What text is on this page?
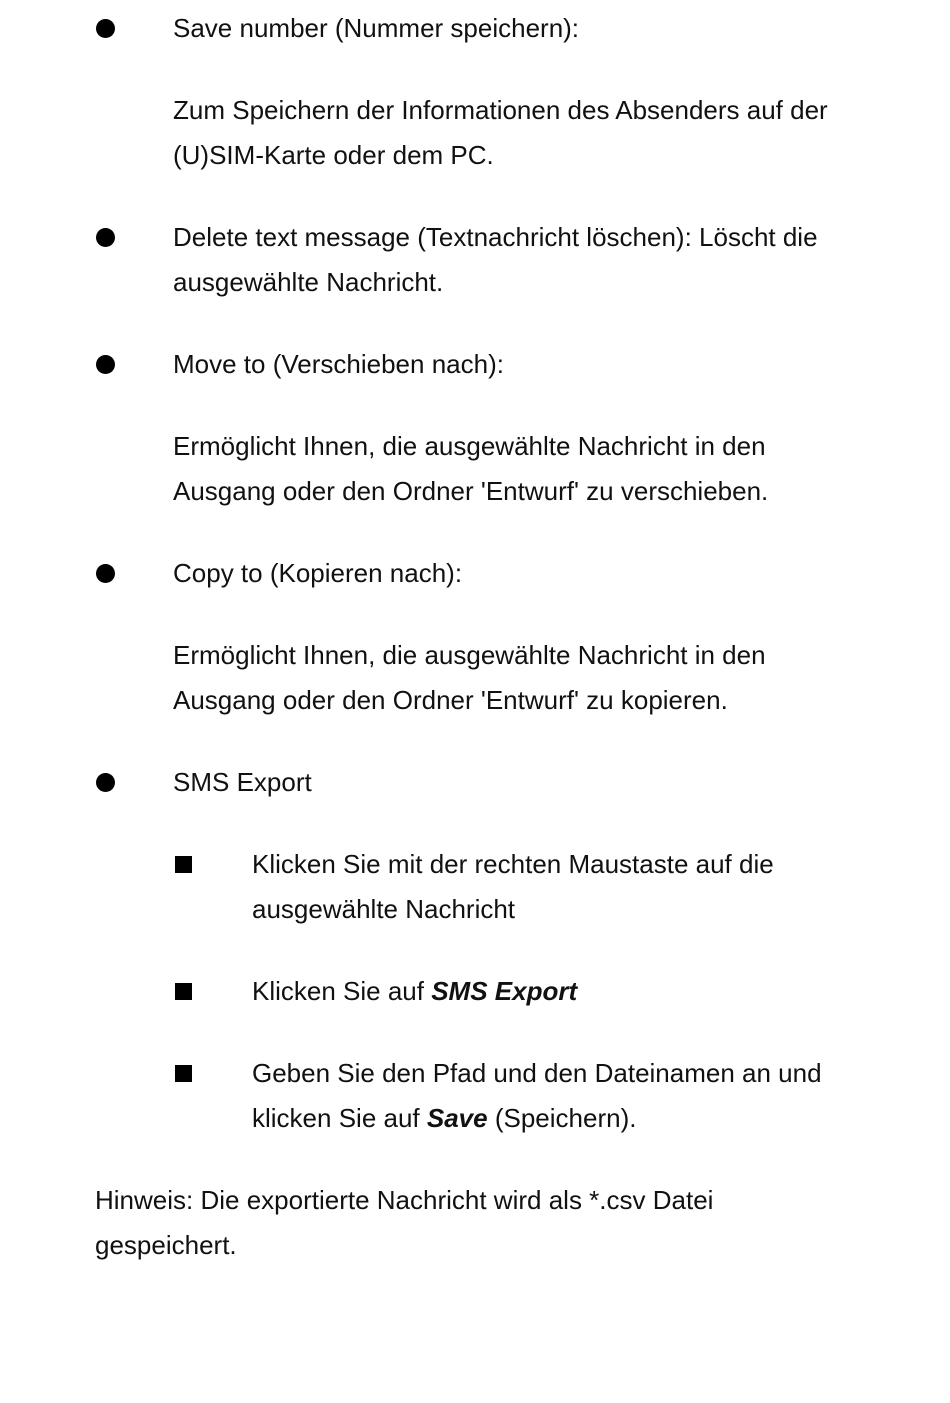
Save number (Nummer speichern):
Zum Speichern der Informationen des Absenders auf der
(U)SIM-Karte oder dem PC.
Delete text message (Textnachricht löschen): Löscht die
ausgewählte Nachricht.
Move to (Verschieben nach):
Ermöglicht Ihnen, die ausgewählte Nachricht in den
Ausgang oder den Ordner 'Entwurf' zu verschieben.
Copy to (Kopieren nach):
Ermöglicht Ihnen, die ausgewählte Nachricht in den
Ausgang oder den Ordner 'Entwurf' zu kopieren.
SMS Export
Klicken Sie mit der rechten Maustaste auf die
ausgewählte Nachricht
Klicken Sie auf SMS Export
Geben Sie den Pfad und den Dateinamen an und
klicken Sie auf Save (Speichern).
Hinweis: Die exportierte Nachricht wird als *.csv Datei
gespeichert.
